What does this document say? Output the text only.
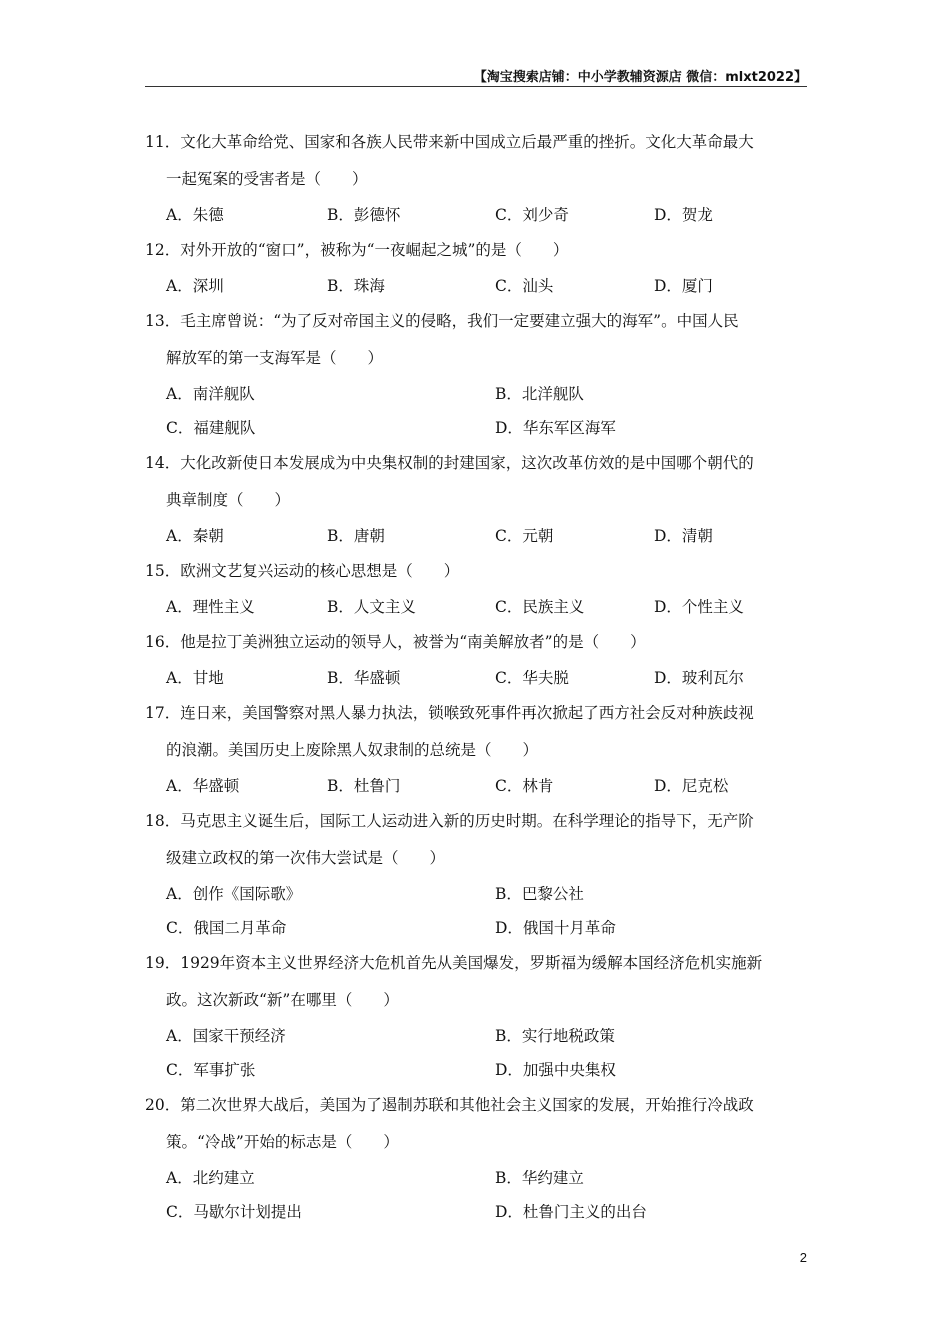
【淘宝搜索店铺：中小学教辅资源店 微信：mlxt2022】
11．文化大革命给党、国家和各族人民带来新中国成立后最严重的挫折。文化大革命最大
一起冤案的受害者是（　　）
A．朱德	B．彭德怀	C．刘少奇	D．贺龙
12．对外开放的“窗口”，被称为“一夜崛起之城”的是（　　）
A．深圳	B．珠海	C．汕头	D．厦门
13．毛主席曾说：“为了反对帝国主义的侵略，我们一定要建立强大的海军”。中国人民
解放军的第一支海军是（　　）
A．南洋舰队	B．北洋舰队
C．福建舰队	D．华东军区海军
14．大化改新使日本发展成为中央集权制的封建国家，这次改革仿效的是中国哪个朝代的
典章制度（　　）
A．秦朝	B．唐朝	C．元朝	D．清朝
15．欧洲文艺复兴运动的核心思想是（　　）
A．理性主义	B．人文主义	C．民族主义	D．个性主义
16．他是拉丁美洲独立运动的领导人，被誉为“南美解放者”的是（　　）
A．甘地	B．华盛顿	C．华夫脱	D．玻利瓦尔
17．连日来，美国警察对黑人暴力执法，锁喉致死事件再次掀起了西方社会反对种族歧视
的浪潮。美国历史上废除黑人奴隶制的总统是（　　）
A．华盛顿	B．杜鲁门	C．林肯	D．尼克松
18．马克思主义诞生后，国际工人运动进入新的历史时期。在科学理论的指导下，无产阶
级建立政权的第一次伟大尝试是（　　）
A．创作《国际歌》	B．巴黎公社
C．俄国二月革命	D．俄国十月革命
19．1929年资本主义世界经济大危机首先从美国爆发，罗斯福为缓解本国经济危机实施新
政。这次新政“新”在哪里（　　）
A．国家干预经济	B．实行地税政策
C．军事扩张	D．加强中央集权
20．第二次世界大战后，美国为了遏制苏联和其他社会主义国家的发展，开始推行冷战政
策。“冷战”开始的标志是（　　）
A．北约建立	B．华约建立
C．马歇尔计划提出	D．杜鲁门主义的出台
2
